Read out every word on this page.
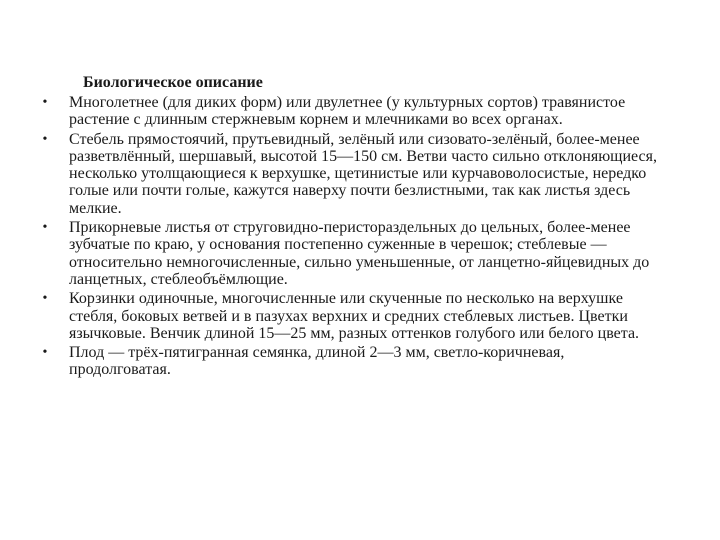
Биологическое описание
• Многолетнее (для диких форм) или двулетнее (у культурных сортов) травянистое растение с длинным стержневым корнем и млечниками во всех органах.
• Стебель прямостоячий, прутьевидный, зелёный или сизовато-зелёный, более-менее разветвлённый, шершавый, высотой 15—150 см. Ветви часто сильно отклоняющиеся, несколько утолщающиеся к верхушке, щетинистые или курчавоволосистые, нередко голые или почти голые, кажутся наверху почти безлистными, так как листья здесь мелкие.
• Прикорневые листья от струговидно-перистораздельных до цельных, более-менее зубчатые по краю, у основания постепенно суженные в черешок; стеблевые — относительно немногочисленные, сильно уменьшенные, от ланцетно-яйцевидных до ланцетных, стеблеобъёмлющие.
• Корзинки одиночные, многочисленные или скученные по несколько на верхушке стебля, боковых ветвей и в пазухах верхних и средних стеблевых листьев. Цветки язычковые. Венчик длиной 15—25 мм, разных оттенков голубого или белого цвета.
• Плод — трёх-пятигранная семянка, длиной 2—3 мм, светло-коричневая, продолговатая.
